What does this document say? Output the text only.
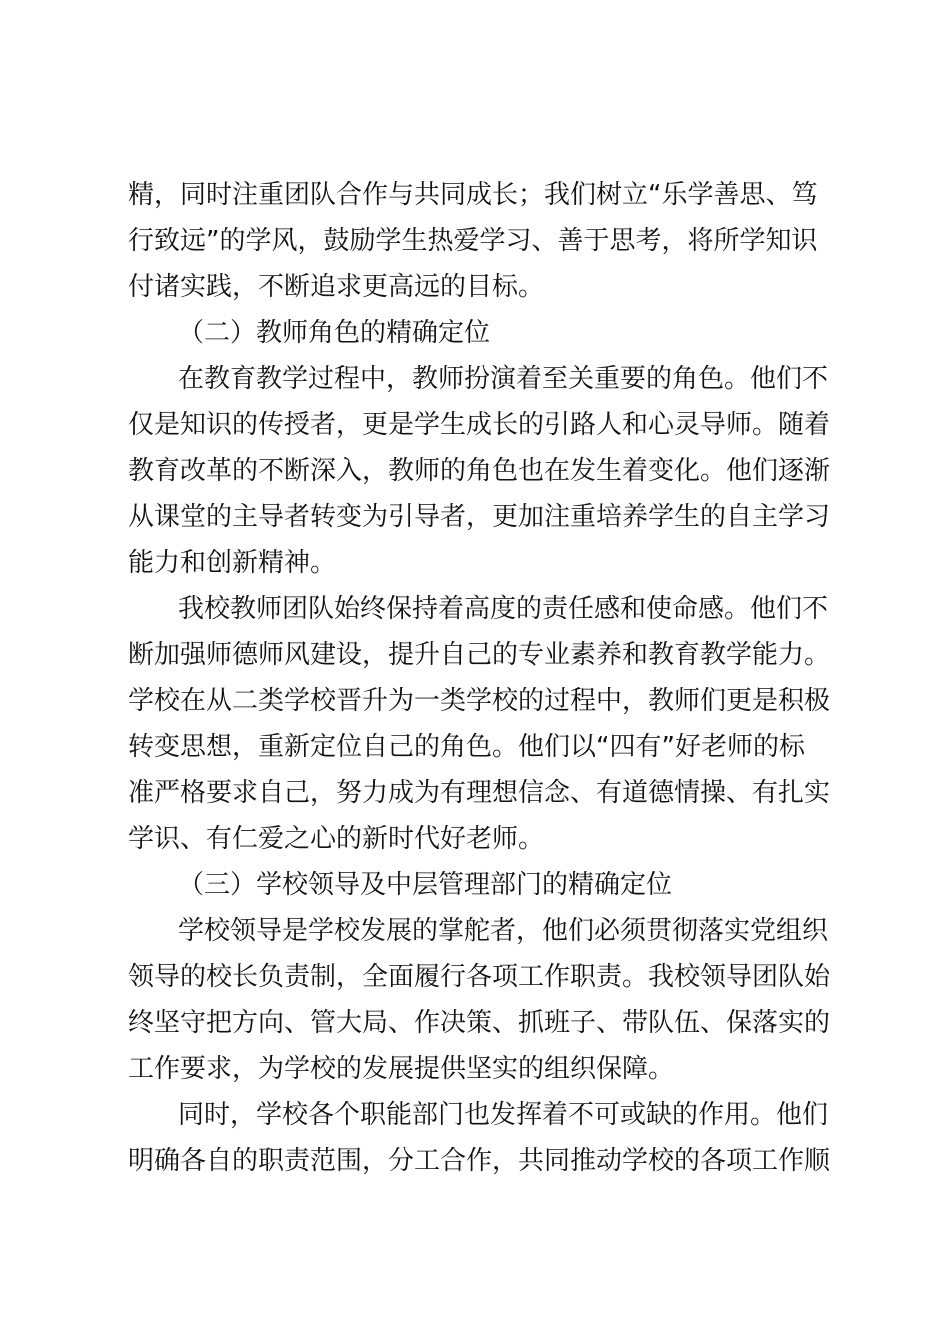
精，同时注重团队合作与共同成长；我们树立“乐学善思、笃
行致远”的学风，鼓励学生热爱学习、善于思考，将所学知识
付诸实践，不断追求更高远的目标。
（二）教师角色的精确定位
在教育教学过程中，教师扮演着至关重要的角色。他们不
仅是知识的传授者，更是学生成长的引路人和心灵导师。随着
教育改革的不断深入，教师的角色也在发生着变化。他们逐渐
从课堂的主导者转变为引导者，更加注重培养学生的自主学习
能力和创新精神。
我校教师团队始终保持着高度的责任感和使命感。他们不
断加强师德师风建设，提升自己的专业素养和教育教学能力。
学校在从二类学校晋升为一类学校的过程中，教师们更是积极
转变思想，重新定位自己的角色。他们以“四有”好老师的标
准严格要求自己，努力成为有理想信念、有道德情操、有扎实
学识、有仁爱之心的新时代好老师。
（三）学校领导及中层管理部门的精确定位
学校领导是学校发展的掌舵者，他们必须贯彻落实党组织
领导的校长负责制，全面履行各项工作职责。我校领导团队始
终坚守把方向、管大局、作决策、抓班子、带队伍、保落实的
工作要求，为学校的发展提供坚实的组织保障。
同时，学校各个职能部门也发挥着不可或缺的作用。他们
明确各自的职责范围，分工合作，共同推动学校的各项工作顺
